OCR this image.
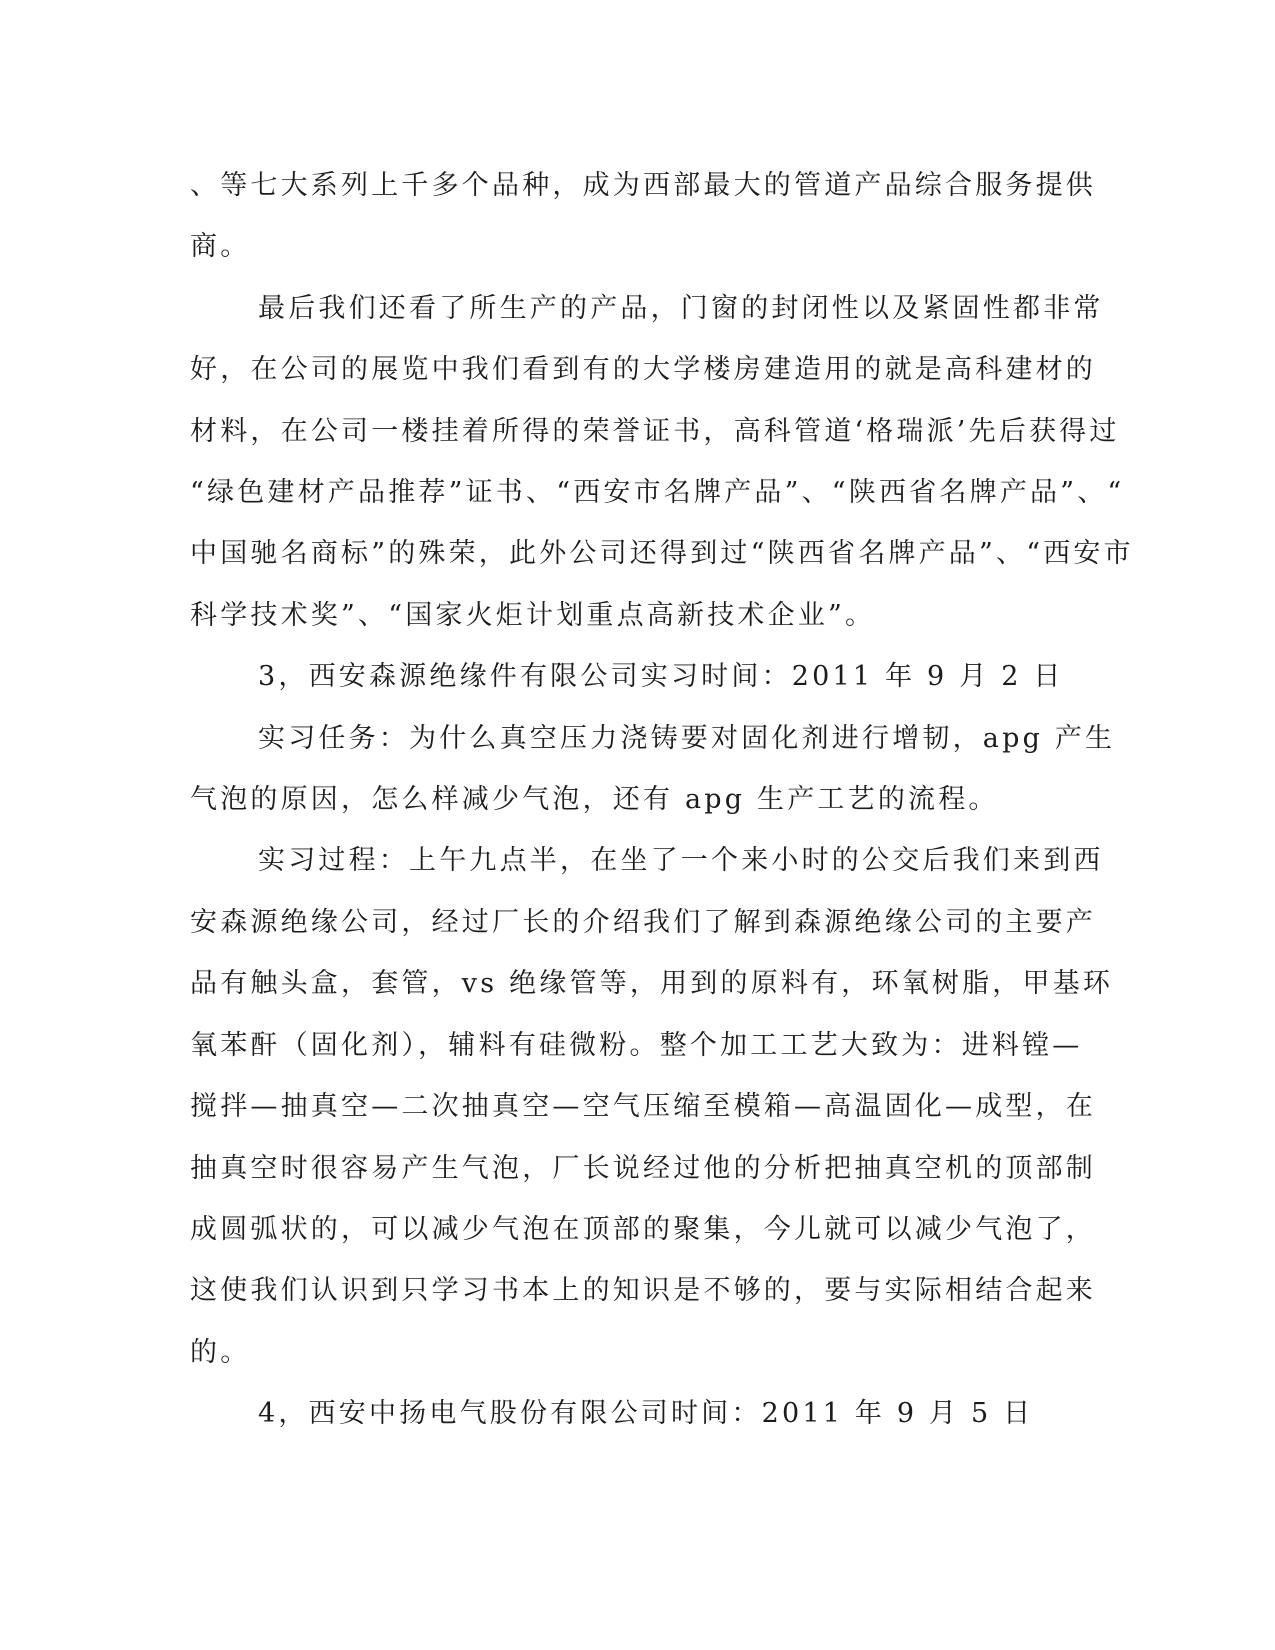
、等七大系列上千多个品种，成为西部最大的管道产品综合服务提供

商。

最后我们还看了所生产的产品，门窗的封闭性以及紧固性都非常

好，在公司的展览中我们看到有的大学楼房建造用的就是高科建材的

材料，在公司一楼挂着所得的荣誉证书，高科管道‘格瑞派’先后获得过

“绿色建材产品推荐”证书、“西安市名牌产品”、“陕西省名牌产品”、“

中国驰名商标”的殊荣，此外公司还得到过“陕西省名牌产品”、“西安市

科学技术奖”、“国家火炬计划重点高新技术企业”。

3，西安森源绝缘件有限公司实习时间：2011 年 9 月 2 日

实习任务：为什么真空压力浇铸要对固化剂进行增韧，apg 产生

气泡的原因，怎么样减少气泡，还有 apg 生产工艺的流程。

实习过程：上午九点半，在坐了一个来小时的公交后我们来到西

安森源绝缘公司，经过厂长的介绍我们了解到森源绝缘公司的主要产

品有触头盒，套管，vs 绝缘管等，用到的原料有，环氧树脂，甲基环

氧苯酐（固化剂），辅料有硅微粉。整个加工工艺大致为：进料镗—

搅拌—抽真空—二次抽真空—空气压缩至模箱—高温固化—成型，在

抽真空时很容易产生气泡，厂长说经过他的分析把抽真空机的顶部制

成圆弧状的，可以减少气泡在顶部的聚集，今儿就可以减少气泡了，

这使我们认识到只学习书本上的知识是不够的，要与实际相结合起来

的。

4，西安中扬电气股份有限公司时间：2011 年 9 月 5 日
